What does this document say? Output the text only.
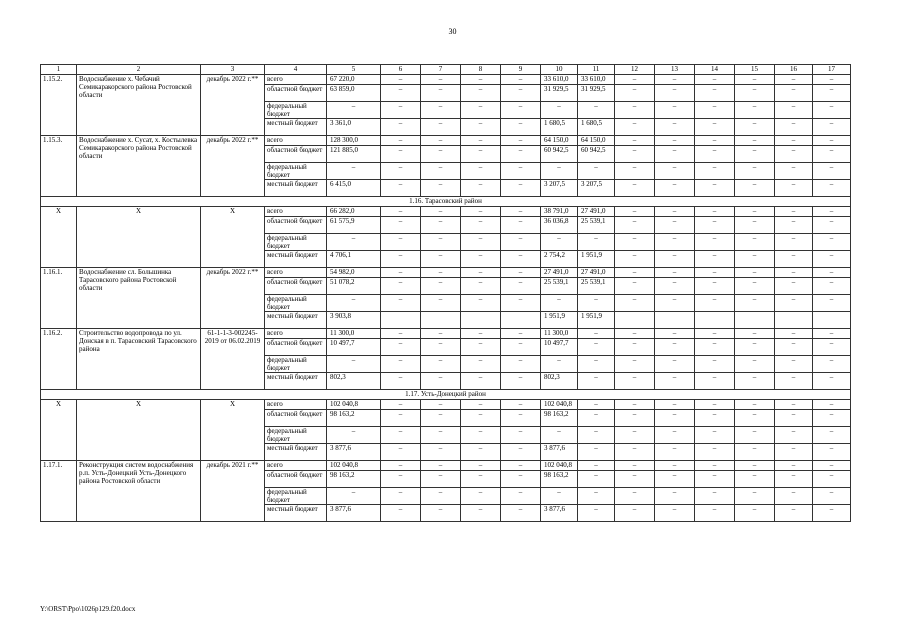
30
1	2	3	4	5	6	7	8	9	10	11	12	13	14	15	16	17
1.15.2.	Водоснабжение х. Чебачий Семикаракорского района Ростовской области	декабрь 2022 г.**	всего	67 220,0	–	–	–	–	33 610,0	33 610,0	–	–	–	–	–	–
			областной бюджет	63 859,0	–	–	–	–	31 929,5	31 929,5	–	–	–	–	–	–
			федеральный бюджет	–	–	–	–	–	–	–	–	–	–	–	–	–
			местный бюджет	3 361,0	–	–	–	–	1 680,5	1 680,5	–	–	–	–	–	–
1.15.3.	Водоснабжение х. Сусат, х. Костылевка Семикаракорского района Ростовской области	декабрь 2022 г.**	всего	128 300,0	–	–	–	–	64 150,0	64 150,0	–	–	–	–	–	–
			областной бюджет	121 885,0	–	–	–	–	60 942,5	60 942,5	–	–	–	–	–	–
			федеральный бюджет	–	–	–	–	–	–	–	–	–	–	–	–	–
			местный бюджет	6 415,0	–	–	–	–	3 207,5	3 207,5	–	–	–	–	–	–
1.16. Тарасовский район																
Х	Х	Х	всего	66 282,0	–	–	–	–	38 791,0	27 491,0	–	–	–	–	–	–
			областной бюджет	61 575,9	–	–	–	–	36 036,8	25 539,1	–	–	–	–	–	–
			федеральный бюджет	–	–	–	–	–	–	–	–	–	–	–	–	–
			местный бюджет	4 706,1	–	–	–	–	2 754,2	1 951,9	–	–	–	–	–	–
1.16.1.	Водоснабжение сл. Большинка Тарасовского района Ростовской области	декабрь 2022 г.**	всего	54 982,0	–	–	–	–	27 491,0	27 491,0	–	–	–	–	–	–
			областной бюджет	51 078,2	–	–	–	–	25 539,1	25 539,1	–	–	–	–	–	–
			федеральный бюджет	–	–	–	–	–	–	–	–	–	–	–	–	–
			местный бюджет	3 903,8					1 951,9	1 951,9						
1.16.2.	Строительство водопровода по ул. Донская в п. Тарасовский Тарасовского района	61-1-1-3-002245-2019 от 06.02.2019	всего	11 300,0	–	–	–	–	11 300,0	–	–	–	–	–	–	–
			областной бюджет	10 497,7	–	–	–	–	10 497,7	–	–	–	–	–	–	–
			федеральный бюджет	–	–	–	–	–	–	–	–	–	–	–	–	–
			местный бюджет	802,3	–	–	–	–	802,3	–	–	–	–	–	–	–
1.17. Усть-Донецкий район																
Х	Х	Х	всего	102 040,8	–	–	–	–	102 040,8	–	–	–	–	–	–	–
			областной бюджет	98 163,2	–	–	–	–	98 163,2	–	–	–	–	–	–	–
			федеральный бюджет	–	–	–	–	–	–	–	–	–	–	–	–	–
			местный бюджет	3 877,6	–	–	–	–	3 877,6	–	–	–	–	–	–	–
1.17.1.	Реконструкция систем водоснабжения р.п. Усть-Донецкий Усть-Донецкого района Ростовской области	декабрь 2021 г.**	всего	102 040,8	–	–	–	–	102 040,8	–	–	–	–	–	–	–
			областной бюджет	98 163,2	–	–	–	–	98 163,2	–	–	–	–	–	–	–
			федеральный бюджет	–	–	–	–	–	–	–	–	–	–	–	–	–
			местный бюджет	3 877,6	–	–	–	–	3 877,6	–	–	–	–	–	–	–
Y:\ORST\Ppo\1026p129.f20.docx
